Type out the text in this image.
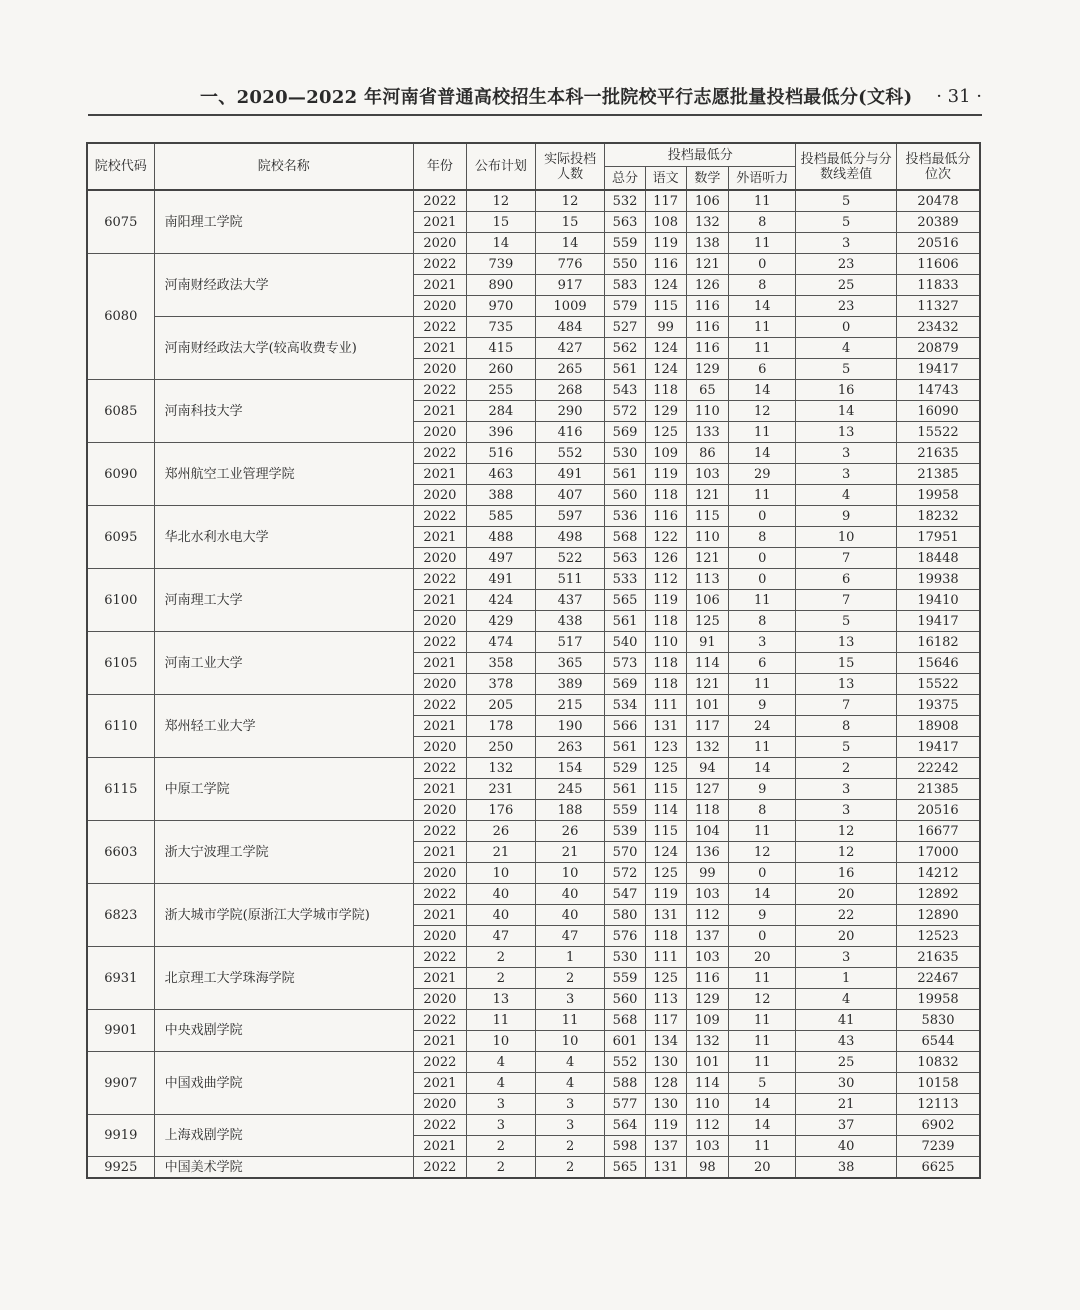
一、2020—2022 年河南省普通高校招生本科一批院校平行志愿批量投档最低分(文科) · 31 ·
院校代码	院校名称	年份	公布计划	实际投档人数	投档最低分				投档最低分与分数线差值	投档最低分位次
					总分	语文	数学	外语听力		
6075	南阳理工学院	2022	12	12	532	117	106	11	5	20478
		2021	15	15	563	108	132	8	5	20389
		2020	14	14	559	119	138	11	3	20516
6080	河南财经政法大学	2022	739	776	550	116	121	0	23	11606
		2021	890	917	583	124	126	8	25	11833
		2020	970	1009	579	115	116	14	23	11327
	河南财经政法大学(较高收费专业)	2022	735	484	527	99	116	11	0	23432
		2021	415	427	562	124	116	11	4	20879
		2020	260	265	561	124	129	6	5	19417
6085	河南科技大学	2022	255	268	543	118	65	14	16	14743
		2021	284	290	572	129	110	12	14	16090
		2020	396	416	569	125	133	11	13	15522
6090	郑州航空工业管理学院	2022	516	552	530	109	86	14	3	21635
		2021	463	491	561	119	103	29	3	21385
		2020	388	407	560	118	121	11	4	19958
6095	华北水利水电大学	2022	585	597	536	116	115	0	9	18232
		2021	488	498	568	122	110	8	10	17951
		2020	497	522	563	126	121	0	7	18448
6100	河南理工大学	2022	491	511	533	112	113	0	6	19938
		2021	424	437	565	119	106	11	7	19410
		2020	429	438	561	118	125	8	5	19417
6105	河南工业大学	2022	474	517	540	110	91	3	13	16182
		2021	358	365	573	118	114	6	15	15646
		2020	378	389	569	118	121	11	13	15522
6110	郑州轻工业大学	2022	205	215	534	111	101	9	7	19375
		2021	178	190	566	131	117	24	8	18908
		2020	250	263	561	123	132	11	5	19417
6115	中原工学院	2022	132	154	529	125	94	14	2	22242
		2021	231	245	561	115	127	9	3	21385
		2020	176	188	559	114	118	8	3	20516
6603	浙大宁波理工学院	2022	26	26	539	115	104	11	12	16677
		2021	21	21	570	124	136	12	12	17000
		2020	10	10	572	125	99	0	16	14212
6823	浙大城市学院(原浙江大学城市学院)	2022	40	40	547	119	103	14	20	12892
		2021	40	40	580	131	112	9	22	12890
		2020	47	47	576	118	137	0	20	12523
6931	北京理工大学珠海学院	2022	2	1	530	111	103	20	3	21635
		2021	2	2	559	125	116	11	1	22467
		2020	13	3	560	113	129	12	4	19958
9901	中央戏剧学院	2022	11	11	568	117	109	11	41	5830
		2021	10	10	601	134	132	11	43	6544
9907	中国戏曲学院	2022	4	4	552	130	101	11	25	10832
		2021	4	4	588	128	114	5	30	10158
		2020	3	3	577	130	110	14	21	12113
9919	上海戏剧学院	2022	3	3	564	119	112	14	37	6902
		2021	2	2	598	137	103	11	40	7239
9925	中国美术学院	2022	2	2	565	131	98	20	38	6625
